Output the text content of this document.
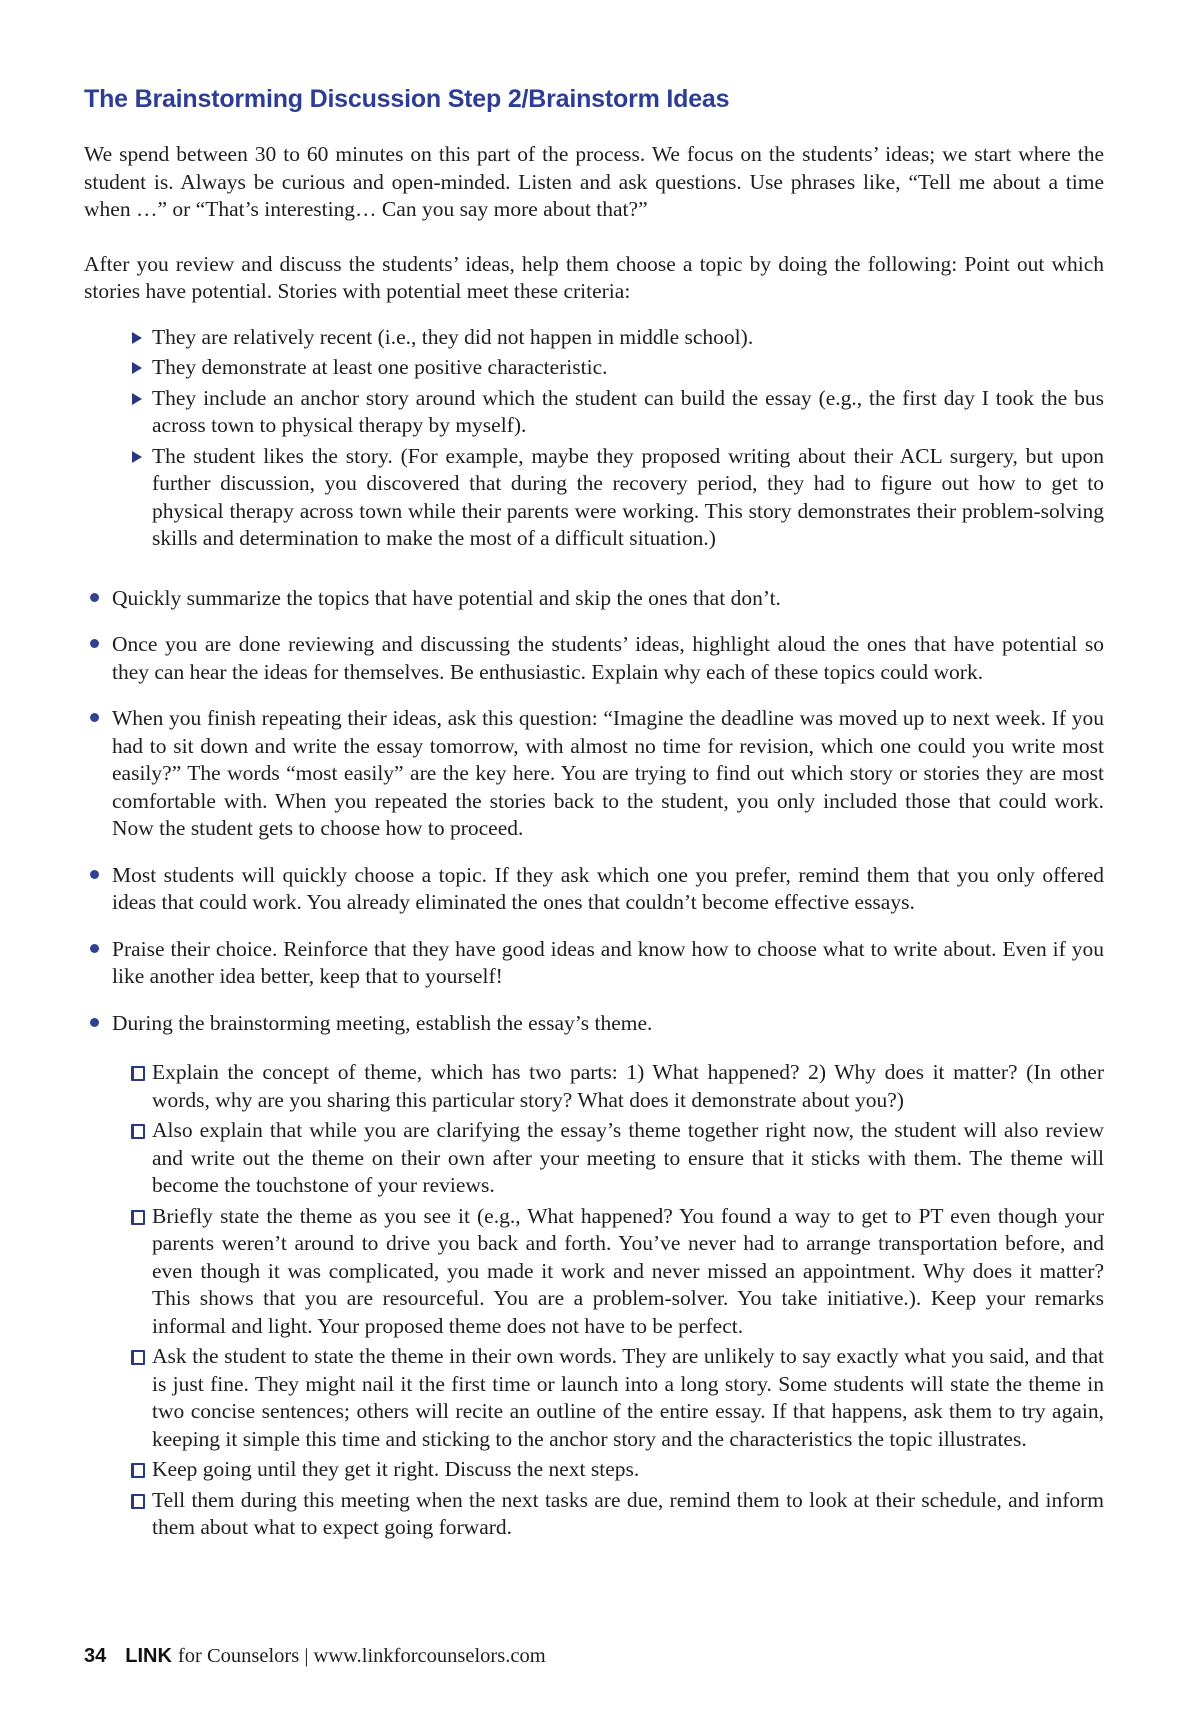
The Brainstorming Discussion Step 2/Brainstorm Ideas

We spend between 30 to 60 minutes on this part of the process. We focus on the students’ ideas; we start where the student is. Always be curious and open-minded. Listen and ask questions. Use phrases like, “Tell me about a time when …” or “That’s interesting… Can you say more about that?”

After you review and discuss the students’ ideas, help them choose a topic by doing the following: Point out which stories have potential. Stories with potential meet these criteria:

They are relatively recent (i.e., they did not happen in middle school).
They demonstrate at least one positive characteristic.
They include an anchor story around which the student can build the essay (e.g., the first day I took the bus across town to physical therapy by myself).
The student likes the story. (For example, maybe they proposed writing about their ACL surgery, but upon further discussion, you discovered that during the recovery period, they had to figure out how to get to physical therapy across town while their parents were working. This story demonstrates their problem-solving skills and determination to make the most of a difficult situation.)
Quickly summarize the topics that have potential and skip the ones that don’t.
Once you are done reviewing and discussing the students’ ideas, highlight aloud the ones that have potential so they can hear the ideas for themselves. Be enthusiastic. Explain why each of these topics could work.
When you finish repeating their ideas, ask this question: “Imagine the deadline was moved up to next week. If you had to sit down and write the essay tomorrow, with almost no time for revision, which one could you write most easily?” The words “most easily” are the key here. You are trying to find out which story or stories they are most comfortable with. When you repeated the stories back to the student, you only included those that could work. Now the student gets to choose how to proceed.
Most students will quickly choose a topic. If they ask which one you prefer, remind them that you only offered ideas that could work. You already eliminated the ones that couldn’t become effective essays.
Praise their choice. Reinforce that they have good ideas and know how to choose what to write about. Even if you like another idea better, keep that to yourself!
During the brainstorming meeting, establish the essay’s theme.
Explain the concept of theme, which has two parts: 1) What happened? 2) Why does it matter? (In other words, why are you sharing this particular story? What does it demonstrate about you?)
Also explain that while you are clarifying the essay’s theme together right now, the student will also review and write out the theme on their own after your meeting to ensure that it sticks with them. The theme will become the touchstone of your reviews.
Briefly state the theme as you see it (e.g., What happened? You found a way to get to PT even though your parents weren’t around to drive you back and forth. You’ve never had to arrange transportation before, and even though it was complicated, you made it work and never missed an appointment. Why does it matter? This shows that you are resourceful. You are a problem-solver. You take initiative.). Keep your remarks informal and light. Your proposed theme does not have to be perfect.
Ask the student to state the theme in their own words. They are unlikely to say exactly what you said, and that is just fine. They might nail it the first time or launch into a long story. Some students will state the theme in two concise sentences; others will recite an outline of the entire essay. If that happens, ask them to try again, keeping it simple this time and sticking to the anchor story and the characteristics the topic illustrates.
Keep going until they get it right. Discuss the next steps.
Tell them during this meeting when the next tasks are due, remind them to look at their schedule, and inform them about what to expect going forward.
34 LINK for Counselors | www.linkforcounselors.com
